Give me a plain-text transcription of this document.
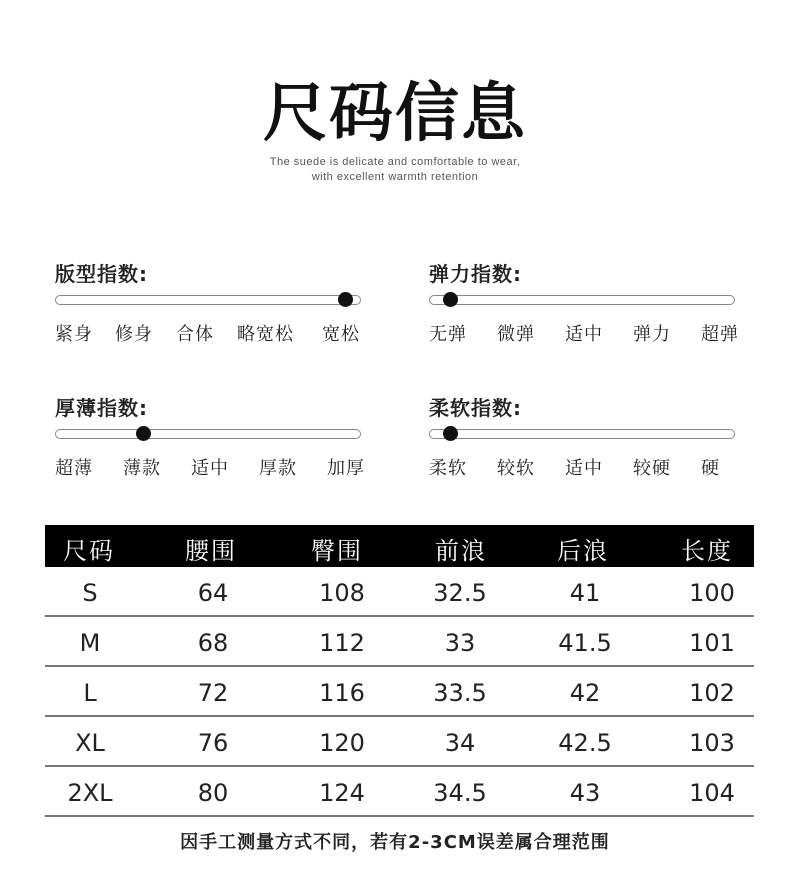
尺码信息
The suede is delicate and comfortable to wear,
with excellent warmth retention
版型指数:
紧身 修身 合体 略宽松 宽松
弹力指数:
无弹 微弹 适中 弹力 超弹
厚薄指数:
超薄 薄款 适中 厚款 加厚
柔软指数:
柔软 较软 适中 较硬 硬
尺码	腰围	臀围	前浪	后浪	长度
S	64	108	32.5	41	100
M	68	112	33	41.5	101
L	72	116	33.5	42	102
XL	76	120	34	42.5	103
2XL	80	124	34.5	43	104
因手工测量方式不同，若有2-3CM误差属合理范围
